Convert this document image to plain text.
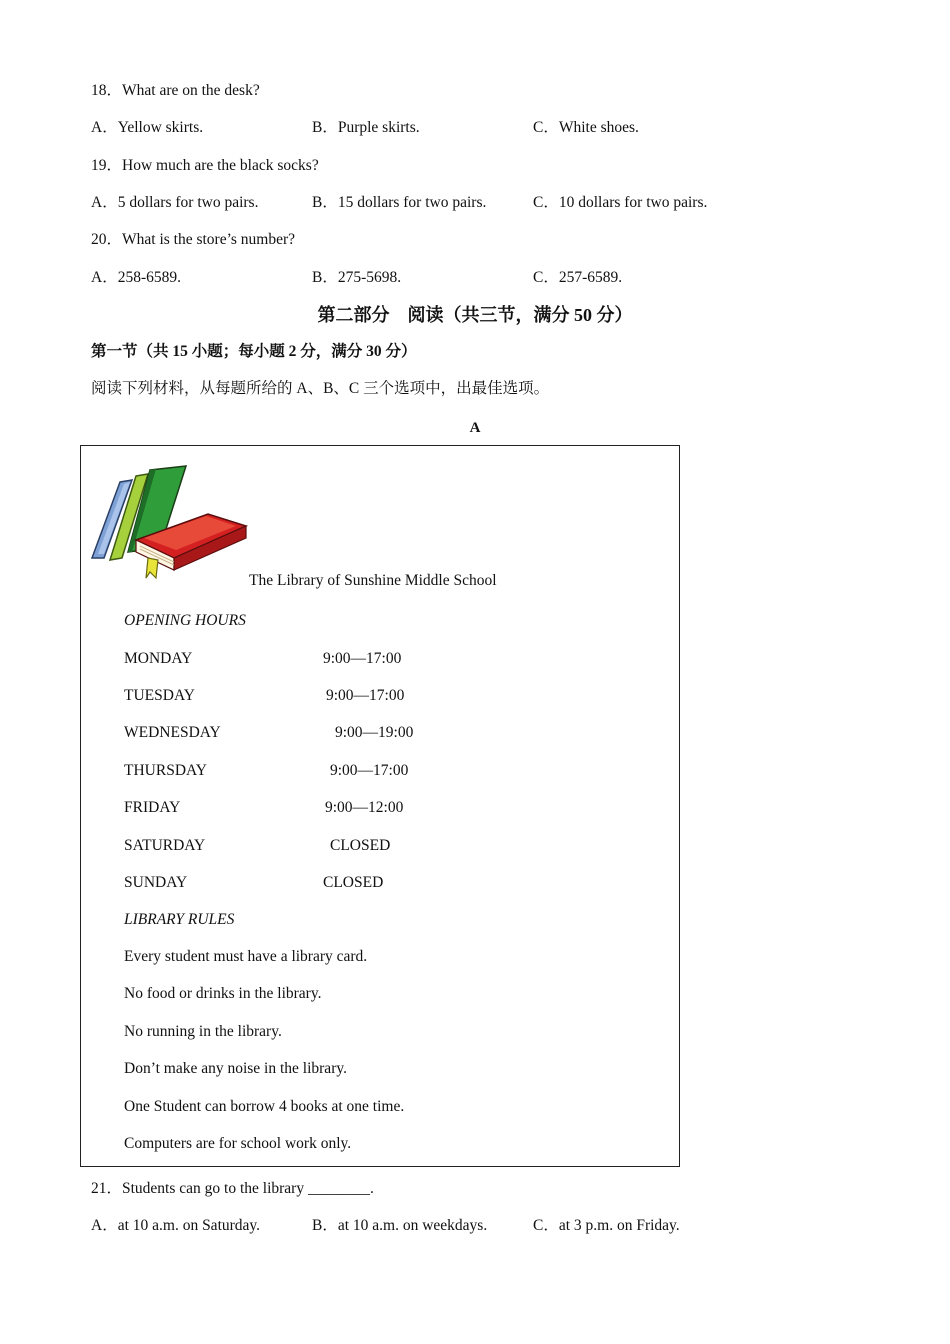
18．What are on the desk?
A．Yellow skirts.	B．Purple skirts.	C．White shoes.
19．How much are the black socks?
A．5 dollars for two pairs.	B．15 dollars for two pairs.	C．10 dollars for two pairs.
20．What is the store’s number?
A．258-6589.	B．275-5698.	C．257-6589.
第二部分　阅读（共三节，满分 50 分）
第一节（共 15 小题；每小题 2 分，满分 30 分）
阅读下列材料，从每题所给的 A、B、C 三个选项中，出最佳选项。
A
The Library of Sunshine Middle School
OPENING HOURS
MONDAY	9:00—17:00
TUESDAY	9:00—17:00
WEDNESDAY	9:00—19:00
THURSDAY	9:00—17:00
FRIDAY	9:00—12:00
SATURDAY	CLOSED
SUNDAY	CLOSED
LIBRARY RULES
Every student must have a library card.
No food or drinks in the library.
No running in the library.
Don’t make any noise in the library.
One Student can borrow 4 books at one time.
Computers are for school work only.
21．Students can go to the library ________.
A．at 10 a.m. on Saturday.	B．at 10 a.m. on weekdays.	C．at 3 p.m. on Friday.
